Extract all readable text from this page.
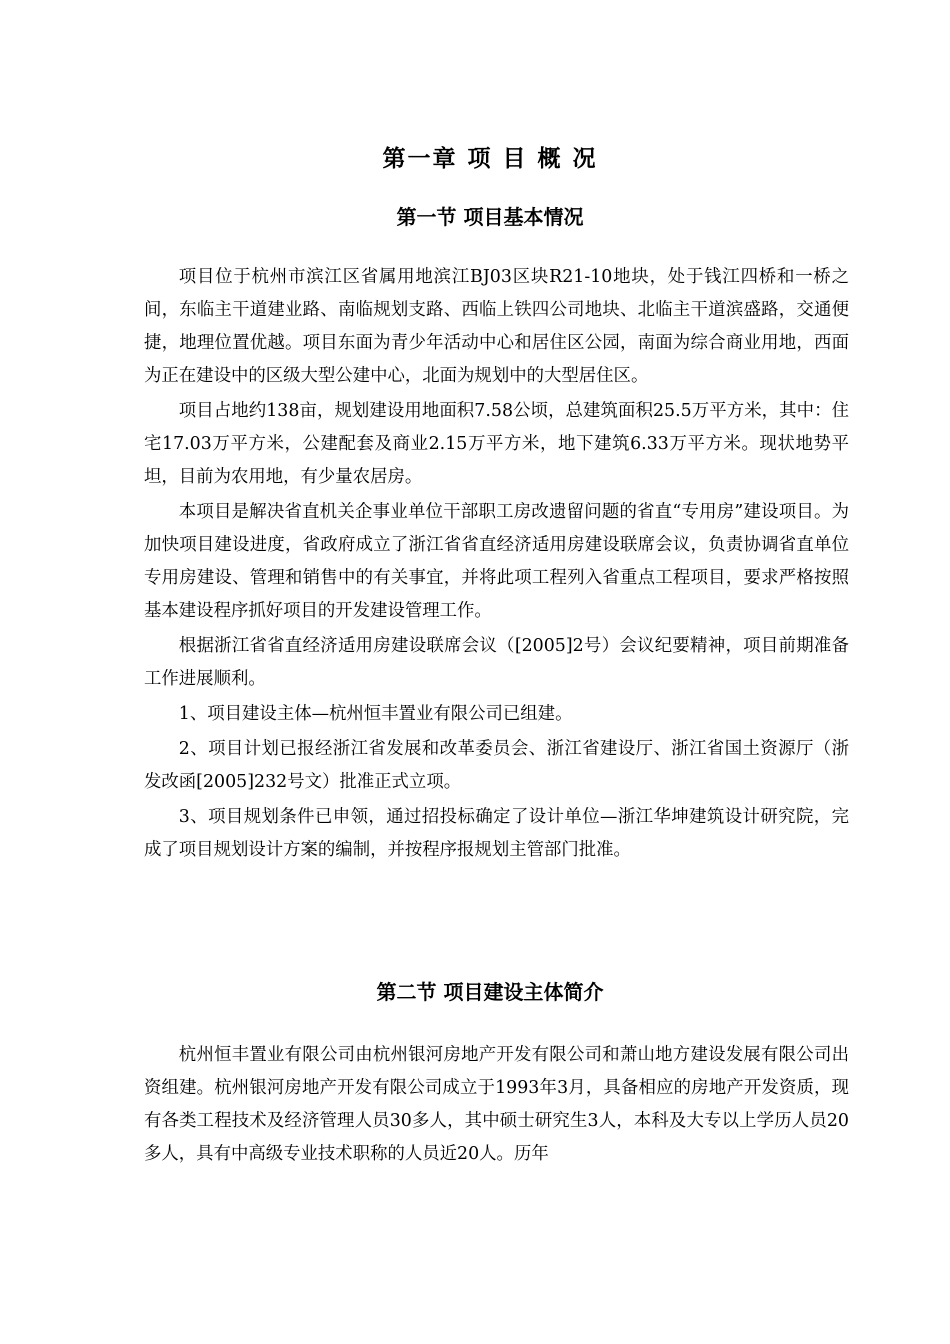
第一章 项 目 概 况
第一节 项目基本情况

项目位于杭州市滨江区省属用地滨江BJ03区块R21-10地块，处于钱江四桥和一桥之间，东临主干道建业路、南临规划支路、西临上铁四公司地块、北临主干道滨盛路，交通便捷，地理位置优越。项目东面为青少年活动中心和居住区公园，南面为综合商业用地，西面为正在建设中的区级大型公建中心，北面为规划中的大型居住区。

项目占地约138亩，规划建设用地面积7.58公顷，总建筑面积25.5万平方米，其中：住宅17.03万平方米，公建配套及商业2.15万平方米，地下建筑6.33万平方米。现状地势平坦，目前为农用地，有少量农居房。

本项目是解决省直机关企事业单位干部职工房改遗留问题的省直“专用房”建设项目。为加快项目建设进度，省政府成立了浙江省省直经济适用房建设联席会议，负责协调省直单位专用房建设、管理和销售中的有关事宜，并将此项工程列入省重点工程项目，要求严格按照基本建设程序抓好项目的开发建设管理工作。

根据浙江省省直经济适用房建设联席会议（[2005]2号）会议纪要精神，项目前期准备工作进展顺利。

1、项目建设主体—杭州恒丰置业有限公司已组建。

2、项目计划已报经浙江省发展和改革委员会、浙江省建设厅、浙江省国土资源厅（浙发改函[2005]232号文）批准正式立项。

3、项目规划条件已申领，通过招投标确定了设计单位—浙江华坤建筑设计研究院，完成了项目规划设计方案的编制，并按程序报规划主管部门批准。

第二节 项目建设主体简介

杭州恒丰置业有限公司由杭州银河房地产开发有限公司和萧山地方建设发展有限公司出资组建。杭州银河房地产开发有限公司成立于1993年3月，具备相应的房地产开发资质，现有各类工程技术及经济管理人员30多人，其中硕士研究生3人，本科及大专以上学历人员20多人，具有中高级专业技术职称的人员近20人。历年
